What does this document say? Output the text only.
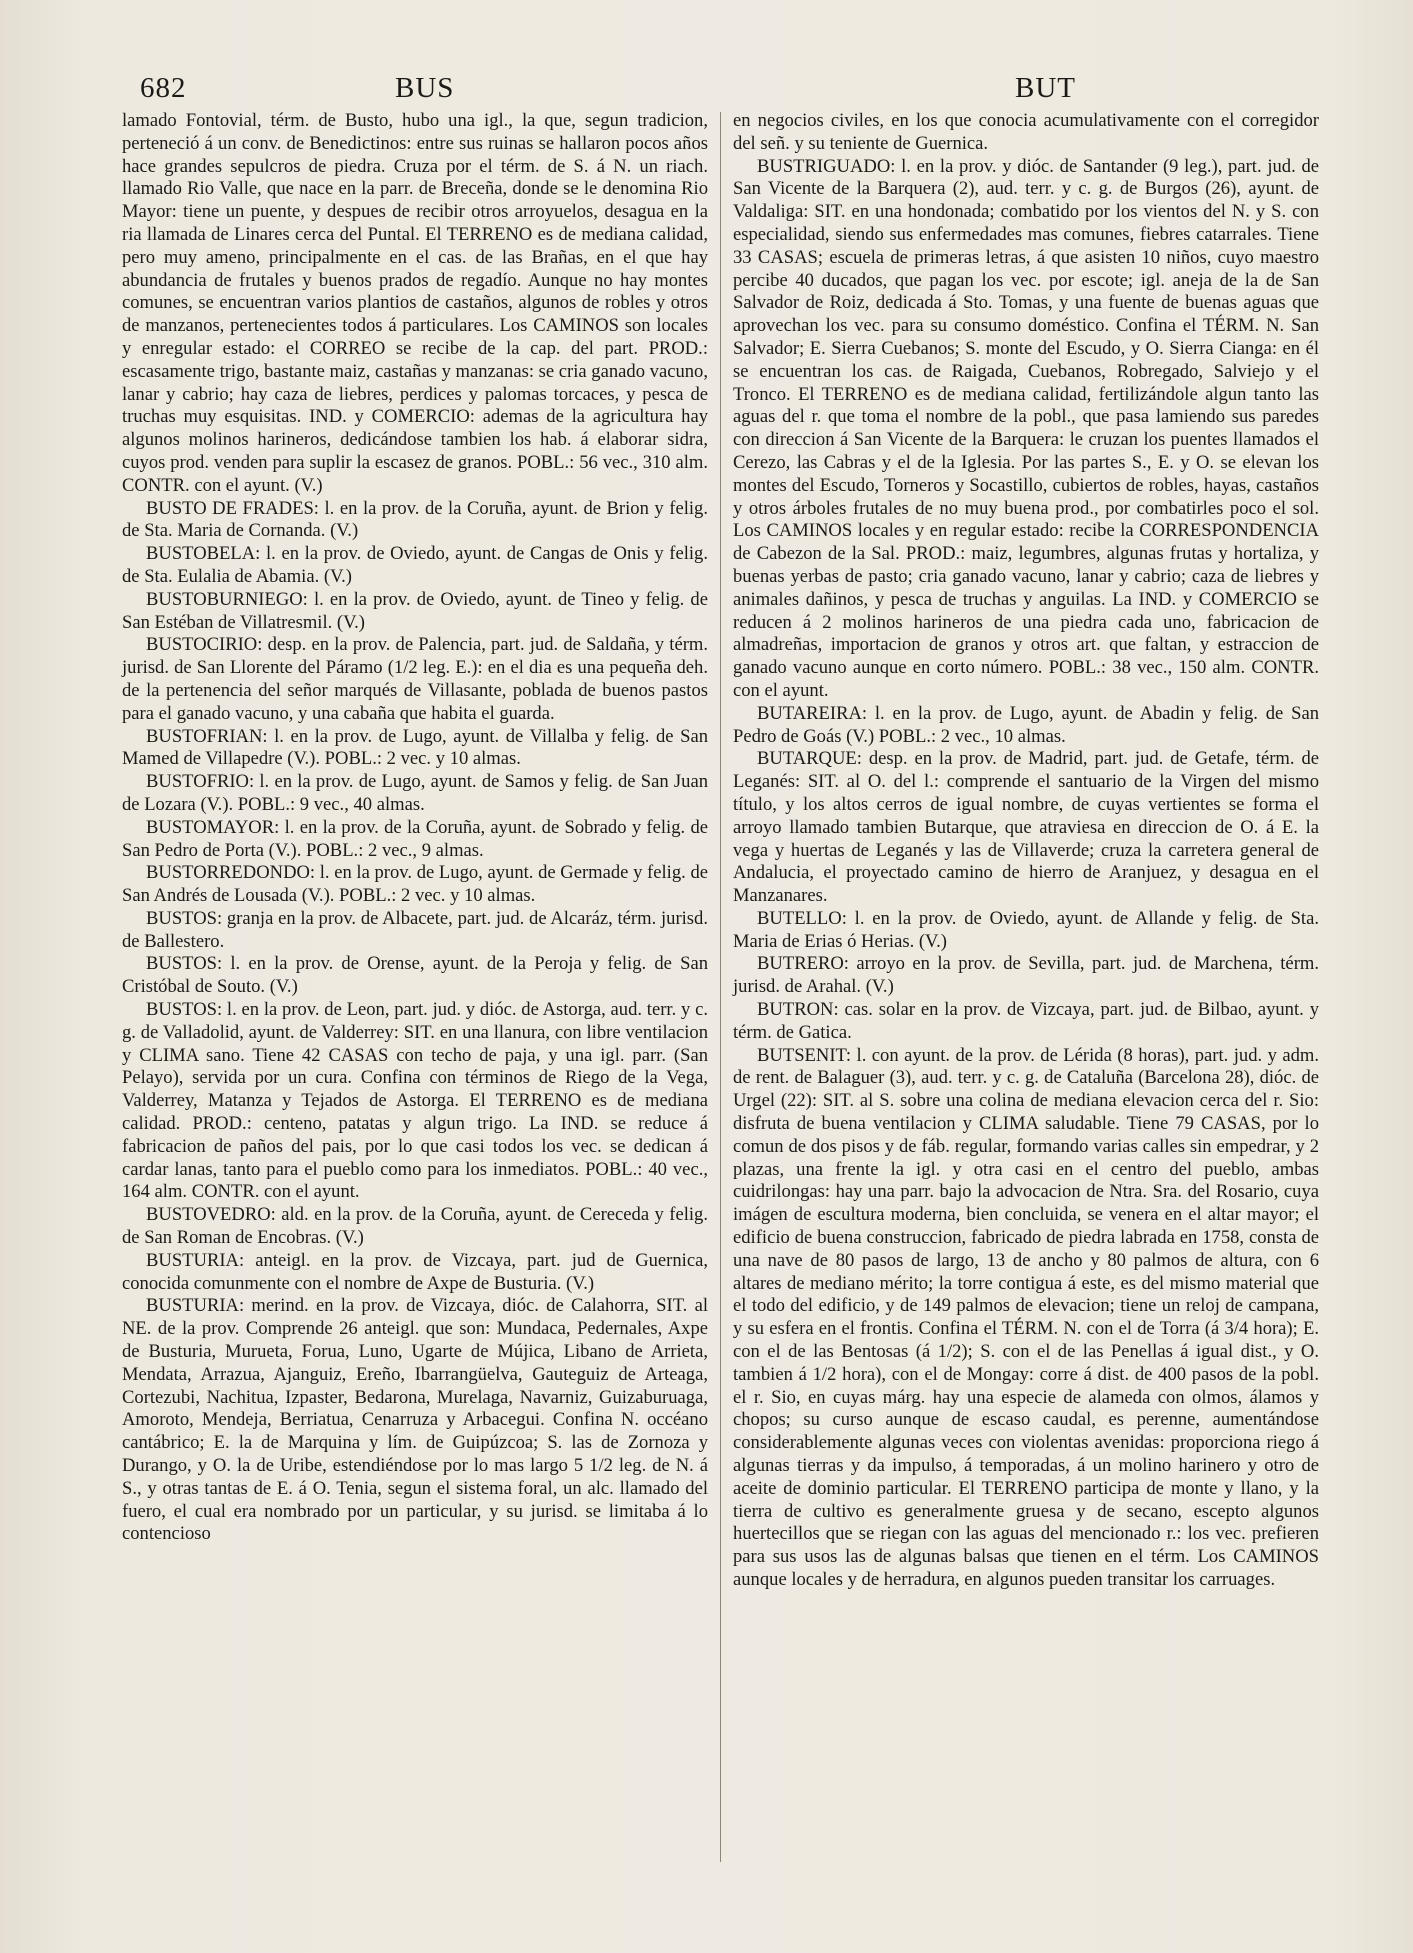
682	BUS	BUT

lamado Fontovial, térm. de Busto, hubo una igl., la que, segun tradicion, perteneció á un conv. de Benedictinos: entre sus ruinas se hallaron pocos años hace grandes sepulcros de piedra. Cruza por el térm. de S. á N. un riach. llamado Rio Valle, que nace en la parr. de Breceña, donde se le denomina Rio Mayor: tiene un puente, y despues de recibir otros arroyuelos, desagua en la ria llamada de Linares cerca del Puntal. El TERRENO es de mediana calidad, pero muy ameno, principalmente en el cas. de las Brañas, en el que hay abundancia de frutales y buenos prados de regadío. Aunque no hay montes comunes, se encuentran varios plantios de castaños, algunos de robles y otros de manzanos, pertenecientes todos á particulares. Los CAMINOS son locales y enregular estado: el CORREO se recibe de la cap. del part. PROD.: escasamente trigo, bastante maiz, castañas y manzanas: se cria ganado vacuno, lanar y cabrio; hay caza de liebres, perdices y palomas torcaces, y pesca de truchas muy esquisitas. IND. y COMERCIO: ademas de la agricultura hay algunos molinos harineros, dedicándose tambien los hab. á elaborar sidra, cuyos prod. venden para suplir la escasez de granos. POBL.: 56 vec., 310 alm. CONTR. con el ayunt. (V.)

BUSTO DE FRADES: l. en la prov. de la Coruña, ayunt. de Brion y felig. de Sta. Maria de Cornanda. (V.)

BUSTOBELA: l. en la prov. de Oviedo, ayunt. de Cangas de Onis y felig. de Sta. Eulalia de Abamia. (V.)

BUSTOBURNIEGO: l. en la prov. de Oviedo, ayunt. de Tineo y felig. de San Estéban de Villatresmil. (V.)

BUSTOCIRIO: desp. en la prov. de Palencia, part. jud. de Saldaña, y térm. jurisd. de San Llorente del Páramo (1/2 leg. E.): en el dia es una pequeña deh. de la pertenencia del señor marqués de Villasante, poblada de buenos pastos para el ganado vacuno, y una cabaña que habita el guarda.

BUSTOFRIAN: l. en la prov. de Lugo, ayunt. de Villalba y felig. de San Mamed de Villapedre (V.). POBL.: 2 vec. y 10 almas.

BUSTOFRIO: l. en la prov. de Lugo, ayunt. de Samos y felig. de San Juan de Lozara (V.). POBL.: 9 vec., 40 almas.

BUSTOMAYOR: l. en la prov. de la Coruña, ayunt. de Sobrado y felig. de San Pedro de Porta (V.). POBL.: 2 vec., 9 almas.

BUSTORREDONDO: l. en la prov. de Lugo, ayunt. de Germade y felig. de San Andrés de Lousada (V.). POBL.: 2 vec. y 10 almas.

BUSTOS: granja en la prov. de Albacete, part. jud. de Alcaráz, térm. jurisd. de Ballestero.

BUSTOS: l. en la prov. de Orense, ayunt. de la Peroja y felig. de San Cristóbal de Souto. (V.)

BUSTOS: l. en la prov. de Leon, part. jud. y dióc. de Astorga, aud. terr. y c. g. de Valladolid, ayunt. de Valderrey: SIT. en una llanura, con libre ventilacion y CLIMA sano. Tiene 42 CASAS con techo de paja, y una igl. parr. (San Pelayo), servida por un cura. Confina con términos de Riego de la Vega, Valderrey, Matanza y Tejados de Astorga. El TERRENO es de mediana calidad. PROD.: centeno, patatas y algun trigo. La IND. se reduce á fabricacion de paños del pais, por lo que casi todos los vec. se dedican á cardar lanas, tanto para el pueblo como para los inmediatos. POBL.: 40 vec., 164 alm. CONTR. con el ayunt.

BUSTOVEDRO: ald. en la prov. de la Coruña, ayunt. de Cereceda y felig. de San Roman de Encobras. (V.)

BUSTURIA: anteigl. en la prov. de Vizcaya, part. jud de Guernica, conocida comunmente con el nombre de Axpe de Busturia. (V.)

BUSTURIA: merind. en la prov. de Vizcaya, dióc. de Calahorra, SIT. al NE. de la prov. Comprende 26 anteigl. que son: Mundaca, Pedernales, Axpe de Busturia, Murueta, Forua, Luno, Ugarte de Mújica, Libano de Arrieta, Mendata, Arrazua, Ajanguiz, Ereño, Ibarrangüelva, Gauteguiz de Arteaga, Cortezubi, Nachitua, Izpaster, Bedarona, Murelaga, Navarniz, Guizaburuaga, Amoroto, Mendeja, Berriatua, Cenarruza y Arbacegui. Confina N. occéano cantábrico; E. la de Marquina y lím. de Guipúzcoa; S. las de Zornoza y Durango, y O. la de Uribe, estendiéndose por lo mas largo 5 1/2 leg. de N. á S., y otras tantas de E. á O. Tenia, segun el sistema foral, un alc. llamado del fuero, el cual era nombrado por un particular, y su jurisd. se limitaba á lo contencioso

en negocios civiles, en los que conocia acumulativamente con el corregidor del señ. y su teniente de Guernica.

BUSTRIGUADO: l. en la prov. y dióc. de Santander (9 leg.), part. jud. de San Vicente de la Barquera (2), aud. terr. y c. g. de Burgos (26), ayunt. de Valdaliga: SIT. en una hondonada; combatido por los vientos del N. y S. con especialidad, siendo sus enfermedades mas comunes, fiebres catarrales. Tiene 33 CASAS; escuela de primeras letras, á que asisten 10 niños, cuyo maestro percibe 40 ducados, que pagan los vec. por escote; igl. aneja de la de San Salvador de Roiz, dedicada á Sto. Tomas, y una fuente de buenas aguas que aprovechan los vec. para su consumo doméstico. Confina el TÉRM. N. San Salvador; E. Sierra Cuebanos; S. monte del Escudo, y O. Sierra Cianga: en él se encuentran los cas. de Raigada, Cuebanos, Robregado, Salviejo y el Tronco. El TERRENO es de mediana calidad, fertilizándole algun tanto las aguas del r. que toma el nombre de la pobl., que pasa lamiendo sus paredes con direccion á San Vicente de la Barquera: le cruzan los puentes llamados el Cerezo, las Cabras y el de la Iglesia. Por las partes S., E. y O. se elevan los montes del Escudo, Torneros y Socastillo, cubiertos de robles, hayas, castaños y otros árboles frutales de no muy buena prod., por combatirles poco el sol. Los CAMINOS locales y en regular estado: recibe la CORRESPONDENCIA de Cabezon de la Sal. PROD.: maiz, legumbres, algunas frutas y hortaliza, y buenas yerbas de pasto; cria ganado vacuno, lanar y cabrio; caza de liebres y animales dañinos, y pesca de truchas y anguilas. La IND. y COMERCIO se reducen á 2 molinos harineros de una piedra cada uno, fabricacion de almadreñas, importacion de granos y otros art. que faltan, y estraccion de ganado vacuno aunque en corto número. POBL.: 38 vec., 150 alm. CONTR. con el ayunt.

BUTAREIRA: l. en la prov. de Lugo, ayunt. de Abadin y felig. de San Pedro de Goás (V.) POBL.: 2 vec., 10 almas.

BUTARQUE: desp. en la prov. de Madrid, part. jud. de Getafe, térm. de Leganés: SIT. al O. del l.: comprende el santuario de la Virgen del mismo título, y los altos cerros de igual nombre, de cuyas vertientes se forma el arroyo llamado tambien Butarque, que atraviesa en direccion de O. á E. la vega y huertas de Leganés y las de Villaverde; cruza la carretera general de Andalucia, el proyectado camino de hierro de Aranjuez, y desagua en el Manzanares.

BUTELLO: l. en la prov. de Oviedo, ayunt. de Allande y felig. de Sta. Maria de Erias ó Herias. (V.)

BUTRERO: arroyo en la prov. de Sevilla, part. jud. de Marchena, térm. jurisd. de Arahal. (V.)

BUTRON: cas. solar en la prov. de Vizcaya, part. jud. de Bilbao, ayunt. y térm. de Gatica.

BUTSENIT: l. con ayunt. de la prov. de Lérida (8 horas), part. jud. y adm. de rent. de Balaguer (3), aud. terr. y c. g. de Cataluña (Barcelona 28), dióc. de Urgel (22): SIT. al S. sobre una colina de mediana elevacion cerca del r. Sio: disfruta de buena ventilacion y CLIMA saludable. Tiene 79 CASAS, por lo comun de dos pisos y de fáb. regular, formando varias calles sin empedrar, y 2 plazas, una frente la igl. y otra casi en el centro del pueblo, ambas cuidrilongas: hay una parr. bajo la advocacion de Ntra. Sra. del Rosario, cuya imágen de escultura moderna, bien concluida, se venera en el altar mayor; el edificio de buena construccion, fabricado de piedra labrada en 1758, consta de una nave de 80 pasos de largo, 13 de ancho y 80 palmos de altura, con 6 altares de mediano mérito; la torre contigua á este, es del mismo material que el todo del edificio, y de 149 palmos de elevacion; tiene un reloj de campana, y su esfera en el frontis. Confina el TÉRM. N. con el de Torra (á 3/4 hora); E. con el de las Bentosas (á 1/2); S. con el de las Penellas á igual dist., y O. tambien á 1/2 hora), con el de Mongay: corre á dist. de 400 pasos de la pobl. el r. Sio, en cuyas márg. hay una especie de alameda con olmos, álamos y chopos; su curso aunque de escaso caudal, es perenne, aumentándose considerablemente algunas veces con violentas avenidas: proporciona riego á algunas tierras y da impulso, á temporadas, á un molino harinero y otro de aceite de dominio particular. El TERRENO participa de monte y llano, y la tierra de cultivo es generalmente gruesa y de secano, escepto algunos huertecillos que se riegan con las aguas del mencionado r.: los vec. prefieren para sus usos las de algunas balsas que tienen en el térm. Los CAMINOS aunque locales y de herradura, en algunos pueden transitar los carruages.
